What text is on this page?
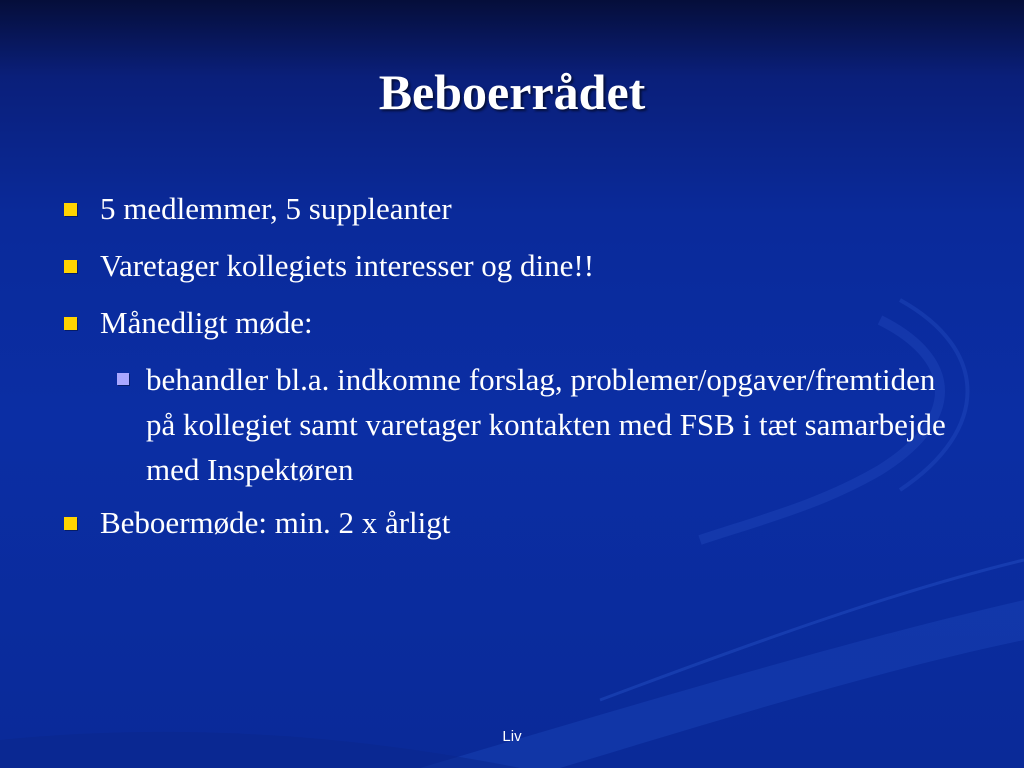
Beboerrådet
5 medlemmer, 5 suppleanter
Varetager kollegiets interesser og dine!!
Månedligt møde:
behandler bl.a. indkomne forslag, problemer/opgaver/fremtiden på kollegiet samt varetager kontakten med FSB i tæt samarbejde med Inspektøren
Beboermøde: min. 2 x årligt
Liv
